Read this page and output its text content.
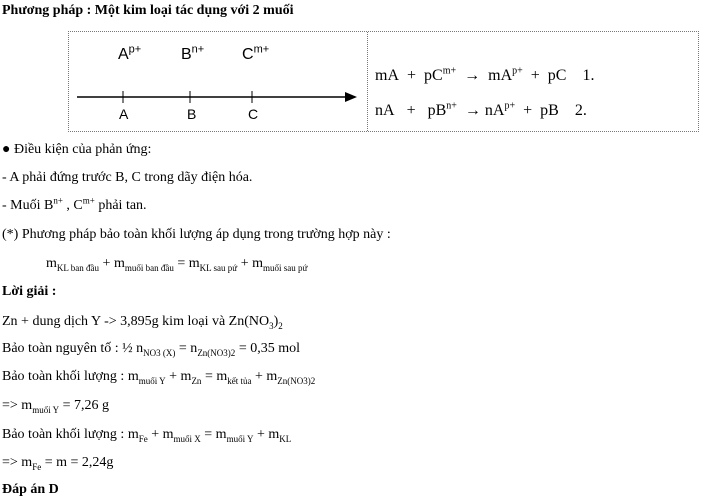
Phương pháp : Một kim loại tác dụng với 2 muối
$A^{p+}$ $B^{n+}$ $C^{m+}$
A	B	C
mA + $pC^{m+} \to mA^{p+}$ + pC 1.
nA + $pB^{n+} \to nA^{p+}$ + pB 2.
● Điều kiện của phản ứng:
- A phải đứng trước B, C trong dãy điện hóa.
- Muối $B^{n+}$ , $C^{m+}$ phải tan.
(*) Phương pháp bảo toàn khối lượng áp dụng trong trường hợp này :
$m_{KL ban đầu} + m_{muối ban đầu} = m_{KL sau pứ} + m_{muối sau pứ}$
Lời giải :
Zn + dung dịch Y -> 3,895g kim loại và $Zn(NO_3)_2$
Bảo toàn nguyên tố : ½ $n_{NO3 (X)} = n_{Zn(NO3)2} = 0,35$ mol
Bảo toàn khối lượng : $m_{muối Y} + m_{Zn} = m_{kết tủa} + m_{Zn(NO3)2}$
=> $m_{muối Y} = 7,26$ g
Bảo toàn khối lượng : $m_{Fe} + m_{muối X} = m_{muối Y} + m_{KL}$
=> $m_{Fe} = m = 2,24g$
Đáp án D
